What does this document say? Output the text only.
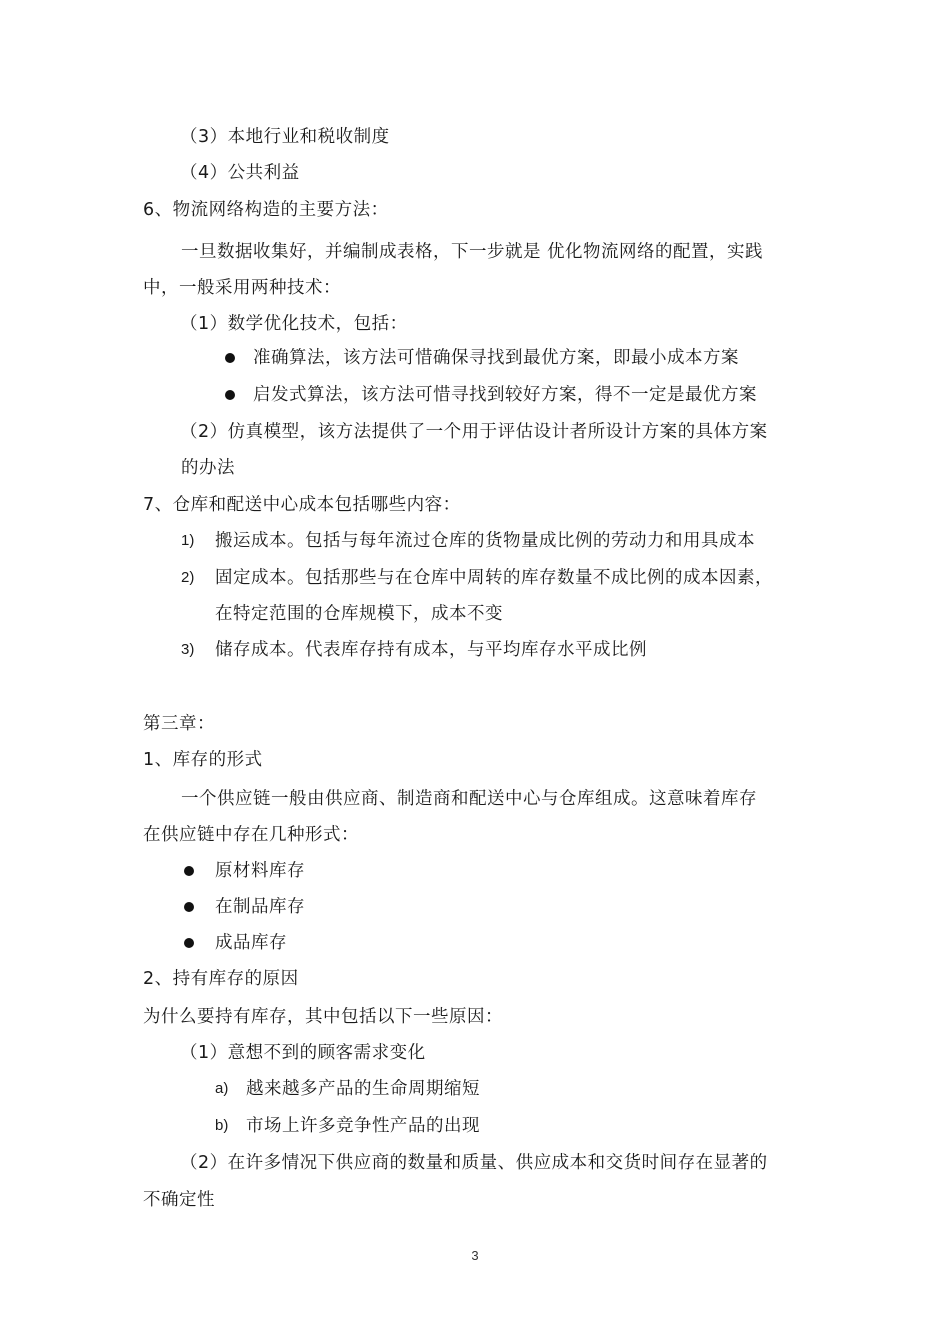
（3）本地行业和税收制度
（4）公共利益
6、物流网络构造的主要方法：
一旦数据收集好，并编制成表格，下一步就是 优化物流网络的配置，实践
中，一般采用两种技术：
（1）数学优化技术，包括：
准确算法，该方法可惜确保寻找到最优方案，即最小成本方案
启发式算法，该方法可惜寻找到较好方案，得不一定是最优方案
（2）仿真模型，该方法提供了一个用于评估设计者所设计方案的具体方案
的办法
7、仓库和配送中心成本包括哪些内容：
1) 搬运成本。包括与每年流过仓库的货物量成比例的劳动力和用具成本
2) 固定成本。包括那些与在仓库中周转的库存数量不成比例的成本因素，
在特定范围的仓库规模下，成本不变
3) 储存成本。代表库存持有成本，与平均库存水平成比例
第三章：
1、库存的形式
一个供应链一般由供应商、制造商和配送中心与仓库组成。这意味着库存
在供应链中存在几种形式：
原材料库存
在制品库存
成品库存
2、持有库存的原因
为什么要持有库存，其中包括以下一些原因：
（1）意想不到的顾客需求变化
a) 越来越多产品的生命周期缩短
b) 市场上许多竞争性产品的出现
（2）在许多情况下供应商的数量和质量、供应成本和交货时间存在显著的
不确定性
3
